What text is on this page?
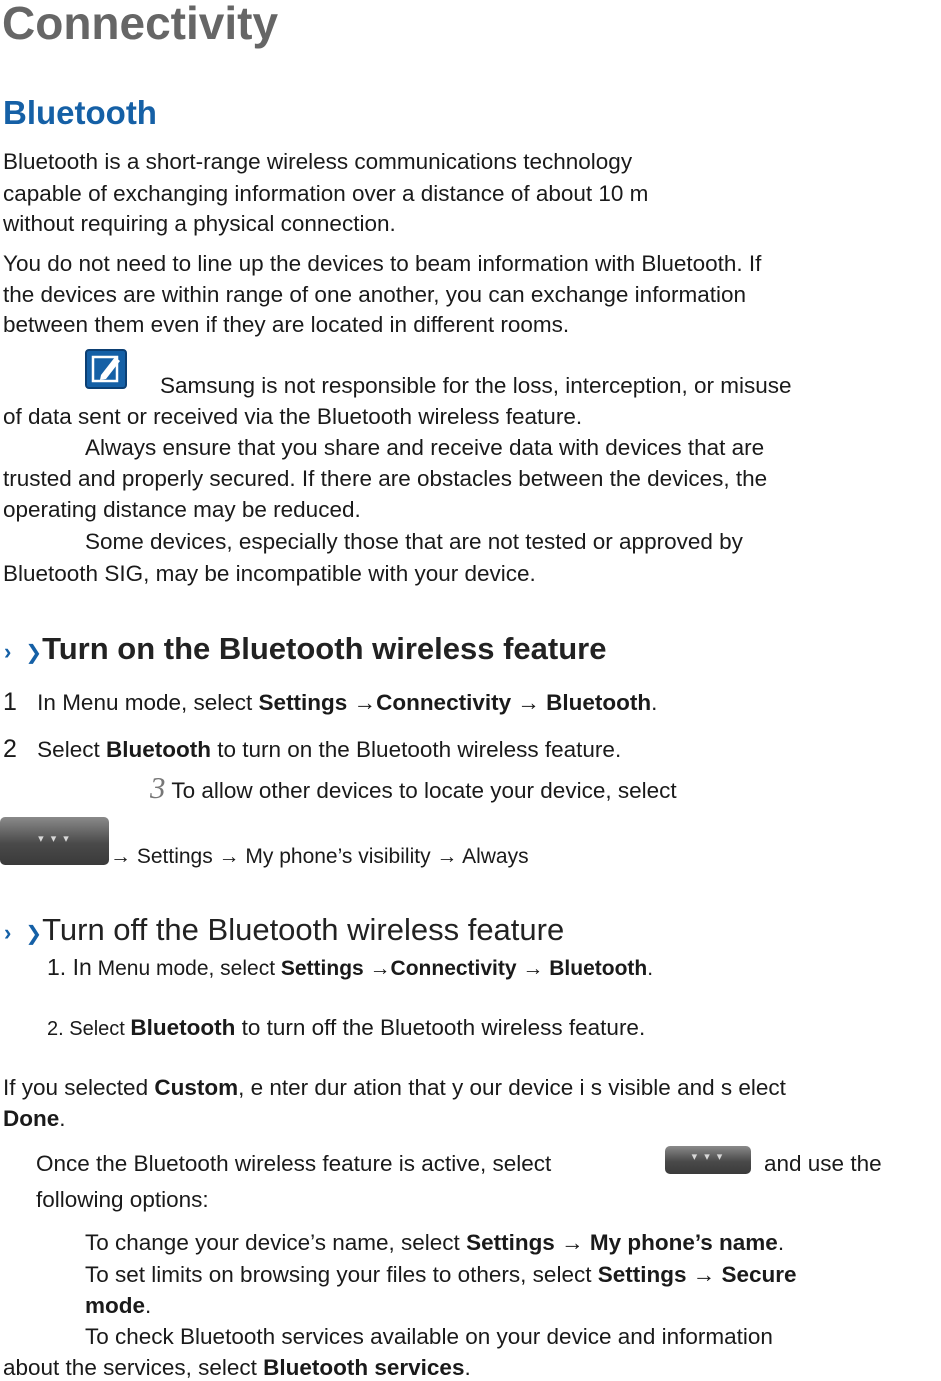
Connectivity
Bluetooth
Bluetooth is a short-range wireless communications technology
capable of exchanging information over a distance of about 10 m
without requiring a physical connection.
You do not need to line up the devices to beam information with Bluetooth. If
the devices are within range of one another, you can exchange information
between them even if they are located in different rooms.
Samsung is not responsible for the loss, interception, or misuse
of data sent or received via the Bluetooth wireless feature.
Always ensure that you share and receive data with devices that are
trusted and properly secured. If there are obstacles between the devices, the
operating distance may be reduced.
Some devices, especially those that are not tested or approved by
Bluetooth SIG, may be incompatible with your device.
› ❯Turn on the Bluetooth wireless feature
1 In Menu mode, select Settings →Connectivity → Bluetooth.
2 Select Bluetooth to turn on the Bluetooth wireless feature.
3 To allow other devices to locate your device, select
▾ ▾ ▾
→ Settings → My phone’s visibility → Always
› ❯Turn off the Bluetooth wireless feature
1. In Menu mode, select Settings →Connectivity → Bluetooth.
2. Select Bluetooth to turn off the Bluetooth wireless feature.
If you selected Custom, e nter dur ation that y our device i s visible and s elect
Done.
Once the Bluetooth wireless feature is active, select	▾ ▾ ▾	and use the
following options:
To change your device’s name, select Settings → My phone’s name.
To set limits on browsing your files to others, select Settings → Secure
mode.
To check Bluetooth services available on your device and information
about the services, select Bluetooth services.
